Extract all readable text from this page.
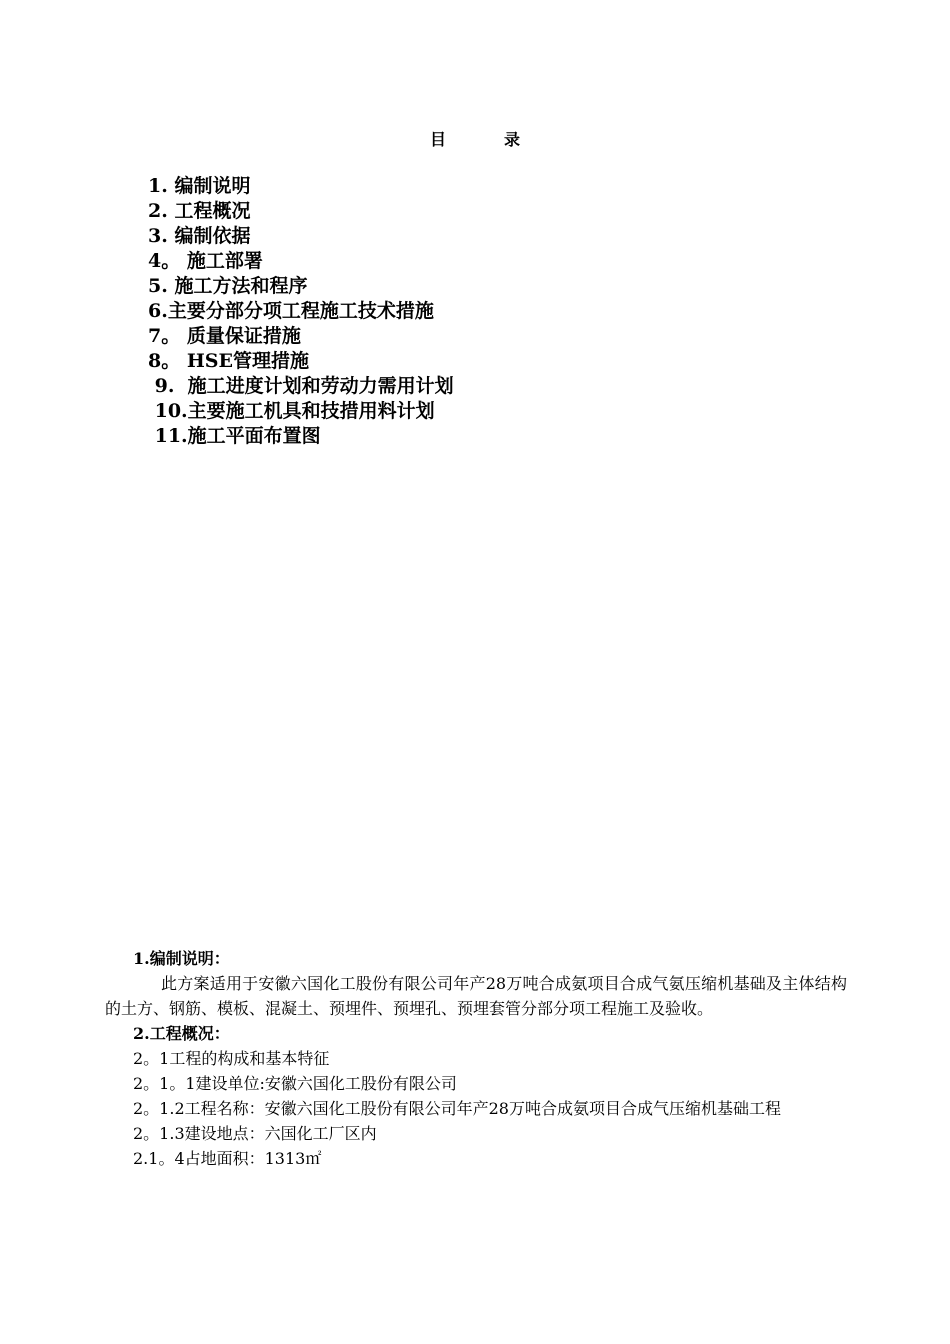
目	录
1. 编制说明
2. 工程概况
3. 编制依据
4。 施工部署
5. 施工方法和程序
6.主要分部分项工程施工技术措施
7。 质量保证措施
8。 HSE管理措施
9.  施工进度计划和劳动力需用计划
10.主要施工机具和技措用料计划
11.施工平面布置图
1.编制说明：
此方案适用于安徽六国化工股份有限公司年产28万吨合成氨项目合成气氨压缩机基础及主体结构的土方、钢筋、模板、混凝土、预埋件、预埋孔、预埋套管分部分项工程施工及验收。
2.工程概况：
2。1工程的构成和基本特征
2。1。1建设单位:安徽六国化工股份有限公司
2。1.2工程名称：安徽六国化工股份有限公司年产28万吨合成氨项目合成气压缩机基础工程
2。1.3建设地点：六国化工厂区内
2.1。4占地面积：1313㎡
